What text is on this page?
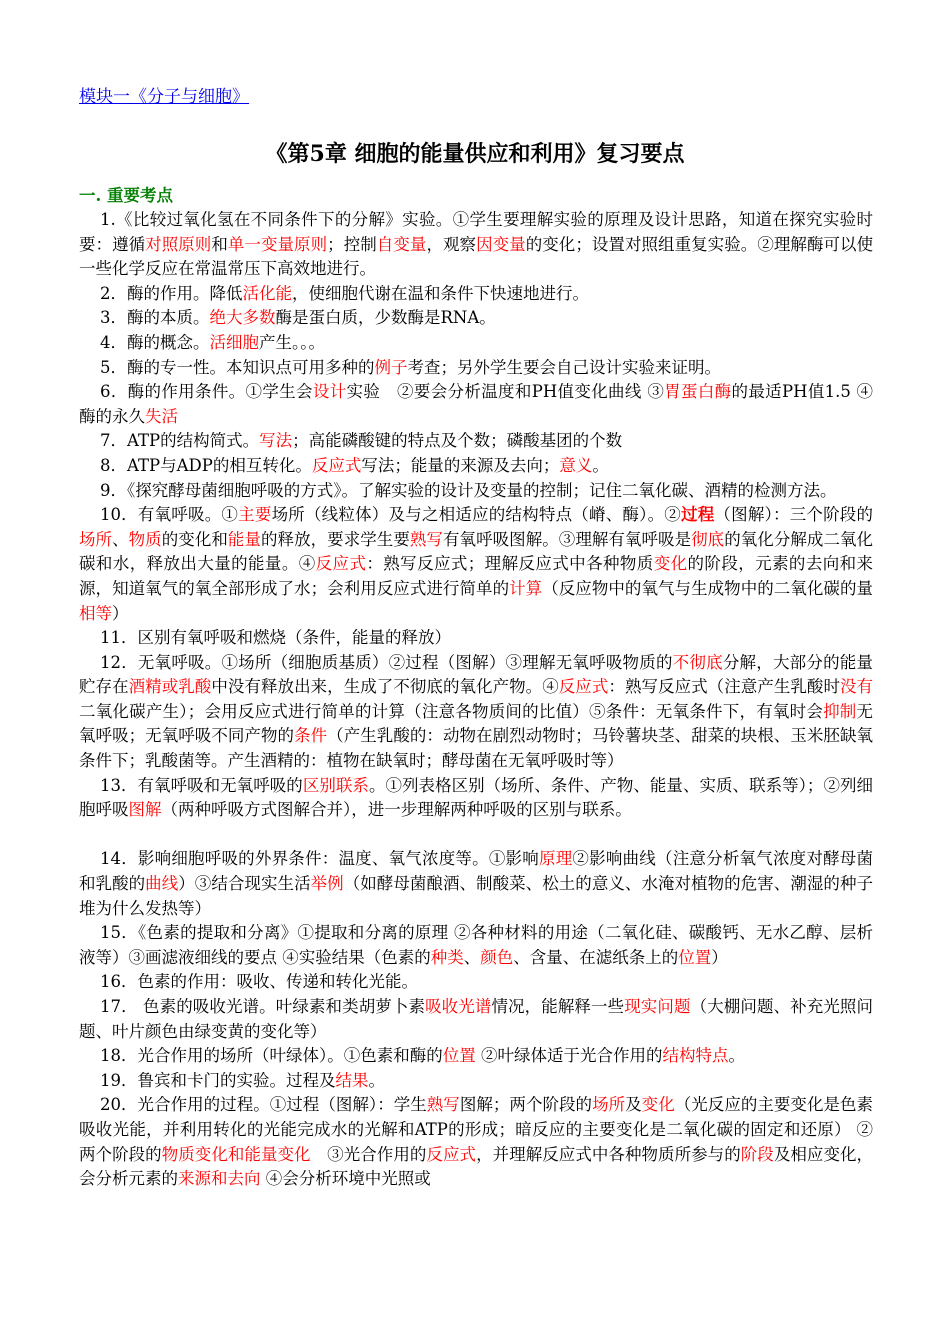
模块一《分子与细胞》
《第5章 细胞的能量供应和利用》复习要点
一. 重要考点

1.《比较过氧化氢在不同条件下的分解》实验。①学生要理解实验的原理及设计思路，知道在探究实验时要：遵循对照原则和单一变量原则；控制自变量，观察因变量的变化；设置对照组重复实验。②理解酶可以使一些化学反应在常温常压下高效地进行。

2．酶的作用。降低活化能，使细胞代谢在温和条件下快速地进行。

3．酶的本质。绝大多数酶是蛋白质，少数酶是RNA。

4．酶的概念。活细胞产生。。。

5．酶的专一性。本知识点可用多种的例子考查；另外学生要会自己设计实验来证明。

6．酶的作用条件。①学生会设计实验　②要会分析温度和PH值变化曲线 ③胃蛋白酶的最适PH值1.5 ④ 酶的永久失活

7．ATP的结构简式。写法；高能磷酸键的特点及个数；磷酸基团的个数

8．ATP与ADP的相互转化。反应式写法；能量的来源及去向；意义。

9．《探究酵母菌细胞呼吸的方式》。了解实验的设计及变量的控制；记住二氧化碳、酒精的检测方法。

10．有氧呼吸。①主要场所（线粒体）及与之相适应的结构特点（嵴、酶）。②过程（图解）：三个阶段的场所、物质的变化和能量的释放，要求学生要熟写有氧呼吸图解。③理解有氧呼吸是彻底的氧化分解成二氧化碳和水，释放出大量的能量。④反应式：熟写反应式；理解反应式中各种物质变化的阶段，元素的去向和来源，知道氧气的氧全部形成了水；会利用反应式进行简单的计算（反应物中的氧气与生成物中的二氧化碳的量相等）

11．区别有氧呼吸和燃烧（条件，能量的释放）

12．无氧呼吸。①场所（细胞质基质）②过程（图解）③理解无氧呼吸物质的不彻底分解，大部分的能量贮存在酒精或乳酸中没有释放出来，生成了不彻底的氧化产物。④反应式：熟写反应式（注意产生乳酸时没有二氧化碳产生）；会用反应式进行简单的计算（注意各物质间的比值）⑤条件：无氧条件下，有氧时会抑制无氧呼吸；无氧呼吸不同产物的条件（产生乳酸的：动物在剧烈动物时；马铃薯块茎、甜菜的块根、玉米胚缺氧条件下；乳酸菌等。产生酒精的：植物在缺氧时；酵母菌在无氧呼吸时等）

13．有氧呼吸和无氧呼吸的区别联系。①列表格区别（场所、条件、产物、能量、实质、联系等）；②列细胞呼吸图解（两种呼吸方式图解合并），进一步理解两种呼吸的区别与联系。

14．影响细胞呼吸的外界条件：温度、氧气浓度等。①影响原理②影响曲线（注意分析氧气浓度对酵母菌和乳酸的曲线）③结合现实生活举例（如酵母菌酿酒、制酸菜、松土的意义、水淹对植物的危害、潮湿的种子堆为什么发热等）

15．《色素的提取和分离》①提取和分离的原理 ②各种材料的用途（二氧化硅、碳酸钙、无水乙醇、层析液等）③画滤液细线的要点 ④实验结果（色素的种类、颜色、含量、在滤纸条上的位置）

16．色素的作用：吸收、传递和转化光能。

17． 色素的吸收光谱。叶绿素和类胡萝卜素吸收光谱情况，能解释一些现实问题（大棚问题、补充光照问题、叶片颜色由绿变黄的变化等）

18．光合作用的场所（叶绿体）。①色素和酶的位置 ②叶绿体适于光合作用的结构特点。

19．鲁宾和卡门的实验。过程及结果。

20．光合作用的过程。①过程（图解）：学生熟写图解；两个阶段的场所及变化（光反应的主要变化是色素吸收光能，并利用转化的光能完成水的光解和ATP的形成；暗反应的主要变化是二氧化碳的固定和还原） ②两个阶段的物质变化和能量变化　③光合作用的反应式，并理解反应式中各种物质所参与的阶段及相应变化，会分析元素的来源和去向 ④会分析环境中光照或
